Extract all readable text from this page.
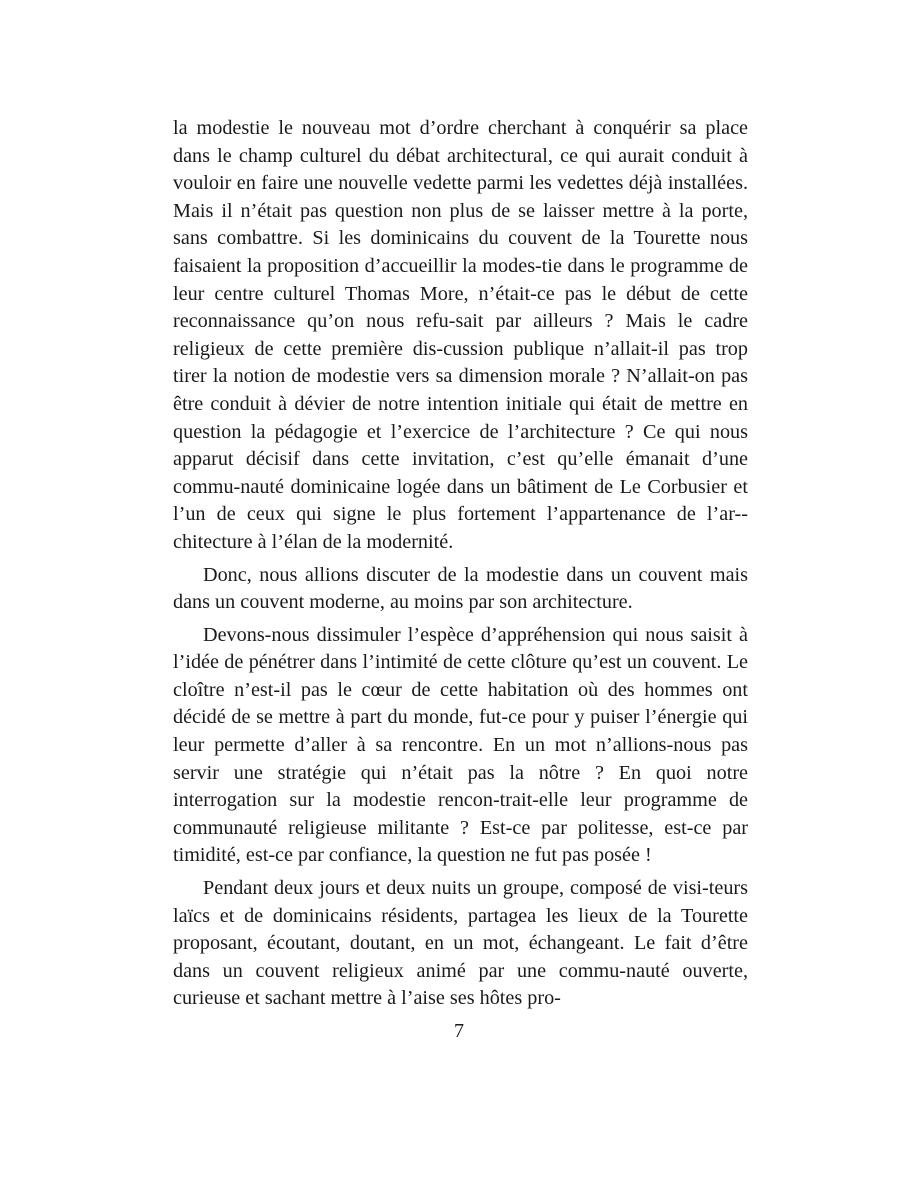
la modestie le nouveau mot d’ordre cherchant à conquérir sa place dans le champ culturel du débat architectural, ce qui aurait conduit à vouloir en faire une nouvelle vedette parmi les vedettes déjà installées. Mais il n’était pas question non plus de se laisser mettre à la porte, sans combattre. Si les dominicains du couvent de la Tourette nous faisaient la proposition d’accueillir la modes-tie dans le programme de leur centre culturel Thomas More, n’était-ce pas le début de cette reconnaissance qu’on nous refu-sait par ailleurs ? Mais le cadre religieux de cette première dis-cussion publique n’allait-il pas trop tirer la notion de modestie vers sa dimension morale ? N’allait-on pas être conduit à dévier de notre intention initiale qui était de mettre en question la pédagogie et l’exercice de l’architecture ? Ce qui nous apparut décisif dans cette invitation, c’est qu’elle émanait d’une commu-nauté dominicaine logée dans un bâtiment de Le Corbusier et l’un de ceux qui signe le plus fortement l’appartenance de l’ar-chitecture à l’élan de la modernité.

Donc, nous allions discuter de la modestie dans un couvent mais dans un couvent moderne, au moins par son architecture.

Devons-nous dissimuler l’espèce d’appréhension qui nous saisit à l’idée de pénétrer dans l’intimité de cette clôture qu’est un couvent. Le cloître n’est-il pas le cœur de cette habitation où des hommes ont décidé de se mettre à part du monde, fut-ce pour y puiser l’énergie qui leur permette d’aller à sa rencontre. En un mot n’allions-nous pas servir une stratégie qui n’était pas la nôtre ? En quoi notre interrogation sur la modestie rencon-trait-elle leur programme de communauté religieuse militante ? Est-ce par politesse, est-ce par timidité, est-ce par confiance, la question ne fut pas posée !

Pendant deux jours et deux nuits un groupe, composé de visi-teurs laïcs et de dominicains résidents, partagea les lieux de la Tourette proposant, écoutant, doutant, en un mot, échangeant. Le fait d’être dans un couvent religieux animé par une commu-nauté ouverte, curieuse et sachant mettre à l’aise ses hôtes pro-

7
